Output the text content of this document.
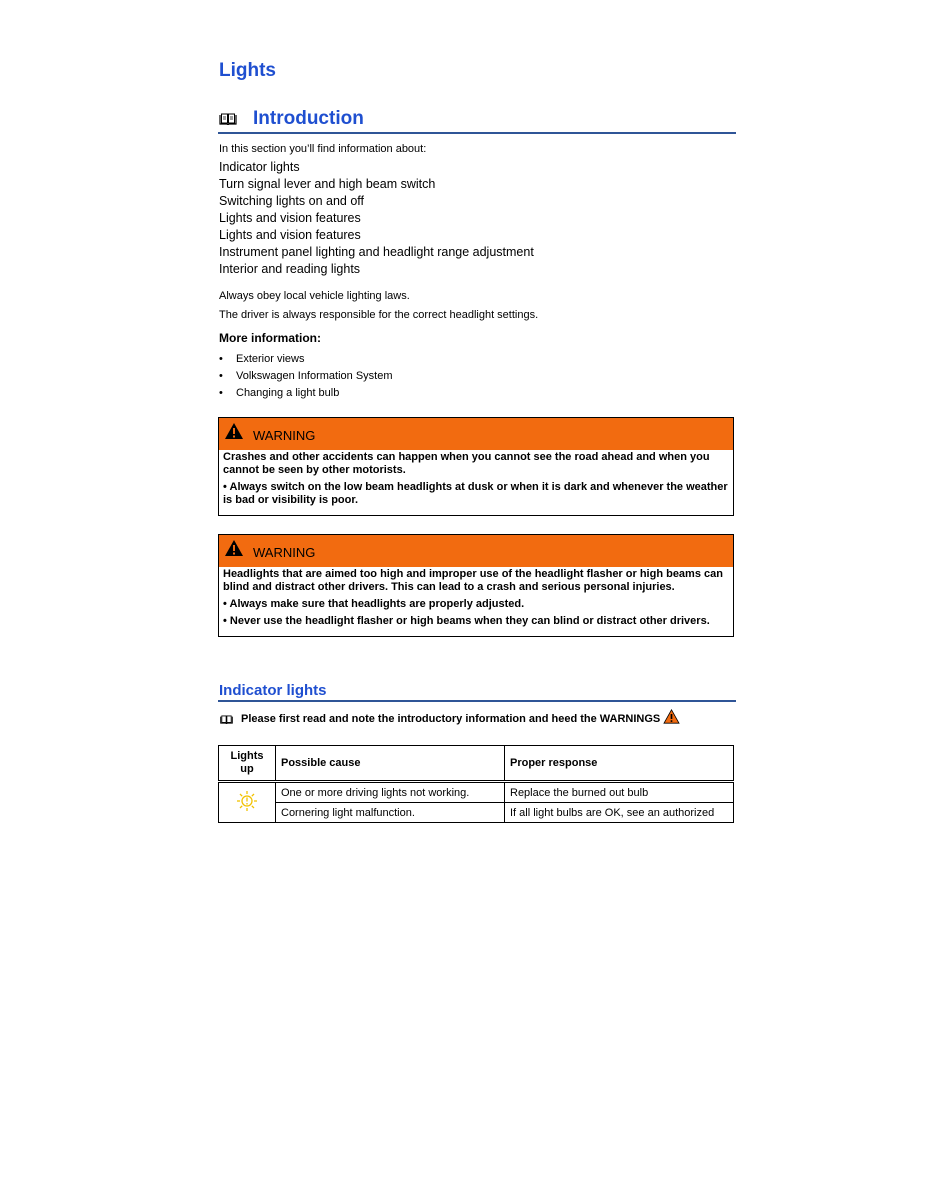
Lights
Introduction
In this section you’ll find information about:
Indicator lights
Turn signal lever and high beam switch
Switching lights on and off
Lights and vision features
Lights and vision features
Instrument panel lighting and headlight range adjustment
Interior and reading lights
Always obey local vehicle lighting laws.
The driver is always responsible for the correct headlight settings.
More information:
• Exterior views
• Volkswagen Information System
• Changing a light bulb
WARNING

Crashes and other accidents can happen when you cannot see the road ahead and when you cannot be seen by other motorists.

• Always switch on the low beam headlights at dusk or when it is dark and whenever the weather is bad or visibility is poor.

WARNING

Headlights that are aimed too high and improper use of the headlight flasher or high beams can blind and distract other drivers. This can lead to a crash and serious personal injuries.

• Always make sure that headlights are properly adjusted.

• Never use the headlight flasher or high beams when they can blind or distract other drivers.

Indicator lights
Please first read and note the introductory information and heed the WARNINGS
Lights up	Possible cause	Proper response
	One or more driving lights not working.	Replace the burned out bulb
	Cornering light malfunction.	If all light bulbs are OK, see an authorized
